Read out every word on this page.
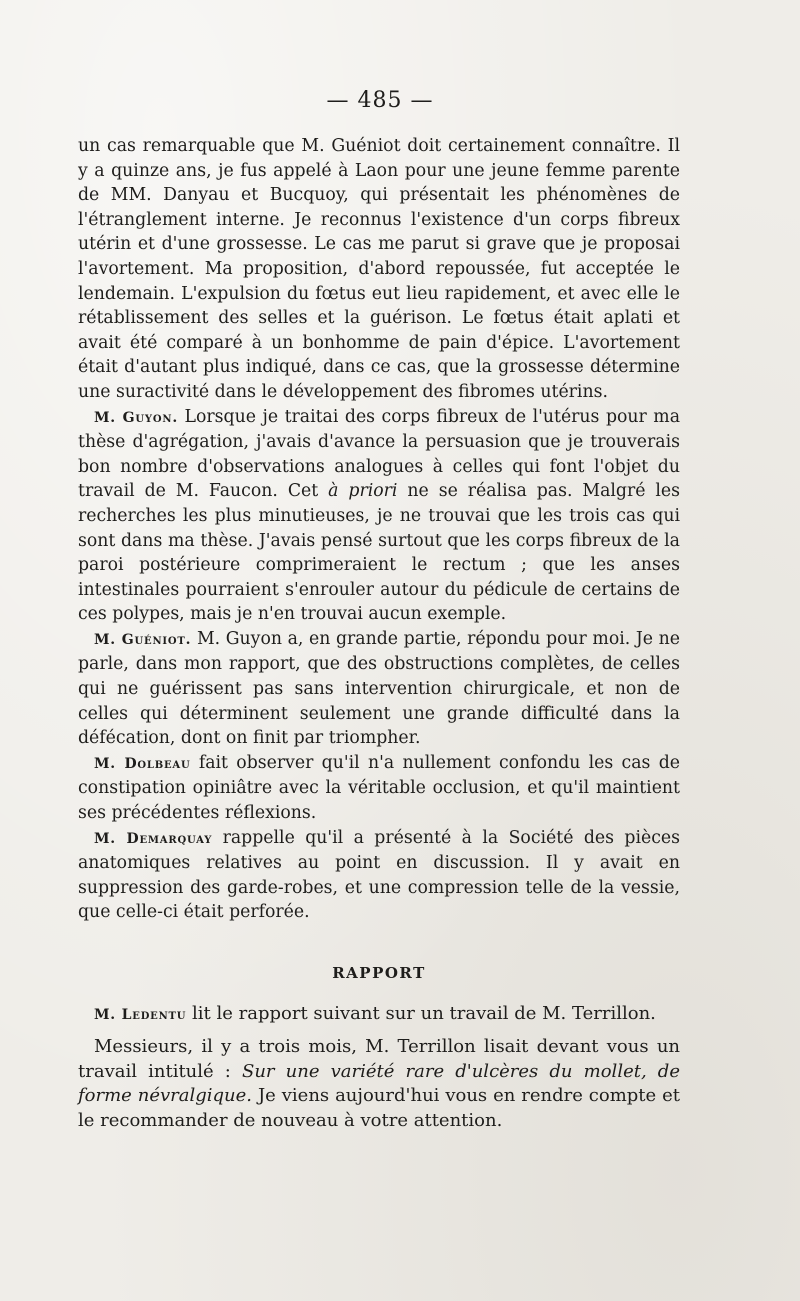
— 485 —

un cas remarquable que M. Guéniot doit certainement connaître. Il y a quinze ans, je fus appelé à Laon pour une jeune femme parente de MM. Danyau et Bucquoy, qui présentait les phénomènes de l'étranglement interne. Je reconnus l'existence d'un corps fibreux utérin et d'une grossesse. Le cas me parut si grave que je proposai l'avortement. Ma proposition, d'abord repoussée, fut acceptée le lendemain. L'expulsion du fœtus eut lieu rapidement, et avec elle le rétablissement des selles et la guérison. Le fœtus était aplati et avait été comparé à un bonhomme de pain d'épice. L'avortement était d'autant plus indiqué, dans ce cas, que la grossesse détermine une suractivité dans le développement des fibromes utérins.

M. Guyon. Lorsque je traitai des corps fibreux de l'utérus pour ma thèse d'agrégation, j'avais d'avance la persuasion que je trouverais bon nombre d'observations analogues à celles qui font l'objet du travail de M. Faucon. Cet à priori ne se réalisa pas. Malgré les recherches les plus minutieuses, je ne trouvai que les trois cas qui sont dans ma thèse. J'avais pensé surtout que les corps fibreux de la paroi postérieure comprimeraient le rectum ; que les anses intestinales pourraient s'enrouler autour du pédicule de certains de ces polypes, mais je n'en trouvai aucun exemple.

M. Guéniot. M. Guyon a, en grande partie, répondu pour moi. Je ne parle, dans mon rapport, que des obstructions complètes, de celles qui ne guérissent pas sans intervention chirurgicale, et non de celles qui déterminent seulement une grande difficulté dans la défécation, dont on finit par triompher.

M. Dolbeau fait observer qu'il n'a nullement confondu les cas de constipation opiniâtre avec la véritable occlusion, et qu'il maintient ses précédentes réflexions.

M. Demarquay rappelle qu'il a présenté à la Société des pièces anatomiques relatives au point en discussion. Il y avait en suppression des garde-robes, et une compression telle de la vessie, que celle-ci était perforée.

RAPPORT

M. Ledentu lit le rapport suivant sur un travail de M. Terrillon.

Messieurs, il y a trois mois, M. Terrillon lisait devant vous un travail intitulé : Sur une variété rare d'ulcères du mollet, de forme névralgique. Je viens aujourd'hui vous en rendre compte et le recommander de nouveau à votre attention.
